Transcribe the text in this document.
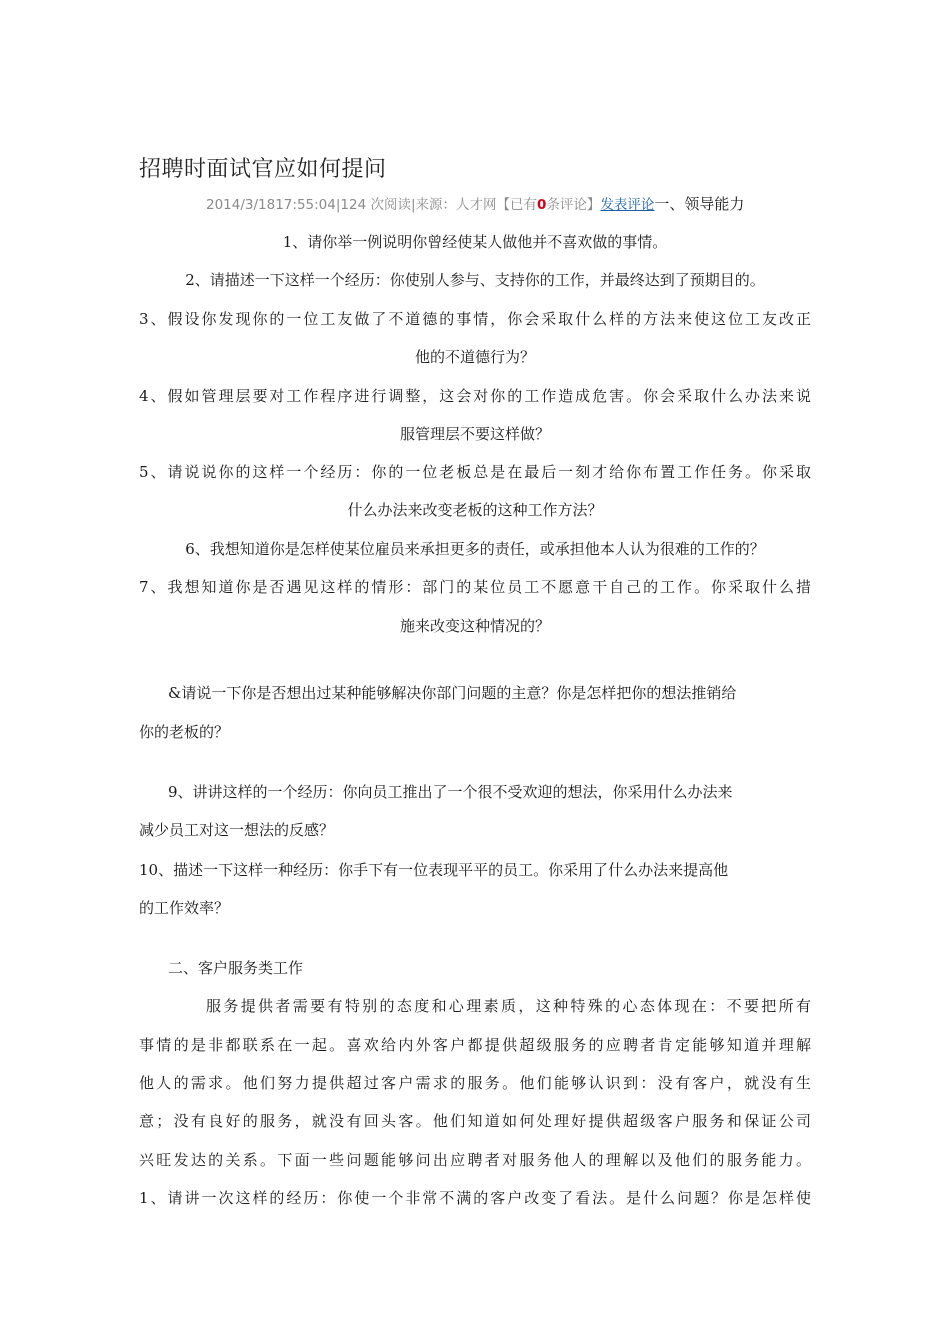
招聘时面试官应如何提问
2014/3/1817:55:04|124 次阅读|来源：人才网【已有0条评论】发表评论一、领导能力
1、请你举一例说明你曾经使某人做他并不喜欢做的事情。
2、请描述一下这样一个经历：你使别人参与、支持你的工作，并最终达到了预期目的。
3、假设你发现你的一位工友做了不道德的事情，你会采取什么样的方法来使这位工友改正
他的不道德行为？
4、假如管理层要对工作程序进行调整，这会对你的工作造成危害。你会采取什么办法来说
服管理层不要这样做？
5、请说说你的这样一个经历：你的一位老板总是在最后一刻才给你布置工作任务。你采取
什么办法来改变老板的这种工作方法？
6、我想知道你是怎样使某位雇员来承担更多的责任，或承担他本人认为很难的工作的？
7、我想知道你是否遇见这样的情形：部门的某位员工不愿意干自己的工作。你采取什么措
施来改变这种情况的？
&请说一下你是否想出过某种能够解决你部门问题的主意？你是怎样把你的想法推销给
你的老板的？
9、讲讲这样的一个经历：你向员工推出了一个很不受欢迎的想法，你采用什么办法来
减少员工对这一想法的反感？
10、描述一下这样一种经历：你手下有一位表现平平的员工。你采用了什么办法来提高他
的工作效率？
二、客户服务类工作
服务提供者需要有特别的态度和心理素质，这种特殊的心态体现在：不要把所有
事情的是非都联系在一起。喜欢给内外客户都提供超级服务的应聘者肯定能够知道并理解
他人的需求。他们努力提供超过客户需求的服务。他们能够认识到：没有客户，就没有生
意；没有良好的服务，就没有回头客。他们知道如何处理好提供超级客户服务和保证公司
兴旺发达的关系。下面一些问题能够问出应聘者对服务他人的理解以及他们的服务能力。
1、请讲一次这样的经历：你使一个非常不满的客户改变了看法。是什么问题？你是怎样使
